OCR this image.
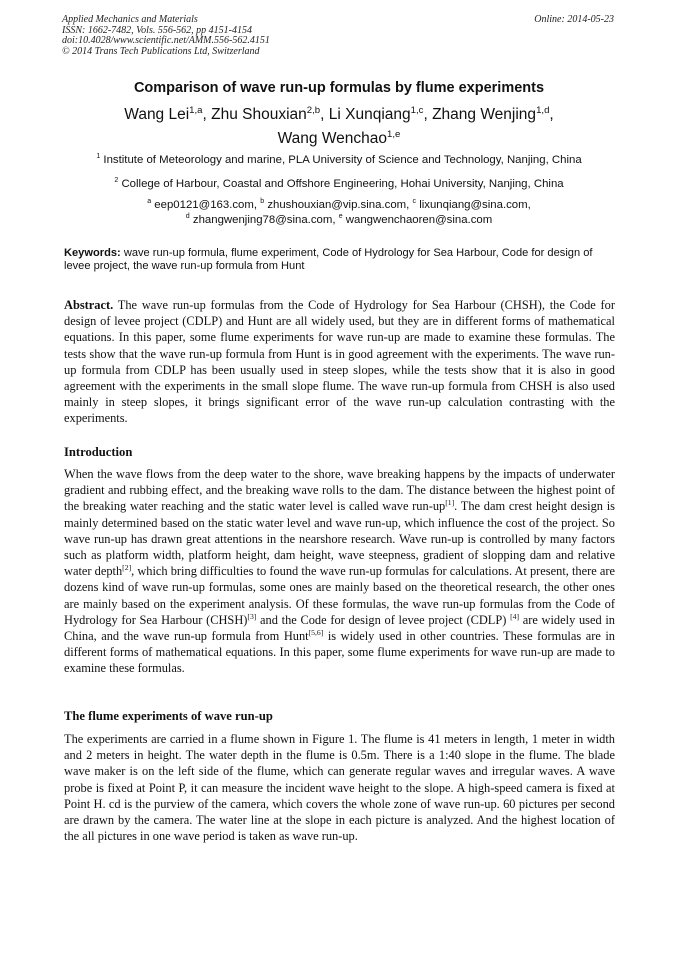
Applied Mechanics and Materials
ISSN: 1662-7482, Vols. 556-562, pp 4151-4154
doi:10.4028/www.scientific.net/AMM.556-562.4151
© 2014 Trans Tech Publications Ltd, Switzerland
Online: 2014-05-23
Comparison of wave run-up formulas by flume experiments
Wang Lei$^{1,a}$, Zhu Shouxian$^{2,b}$, Li Xunqiang$^{1,c}$, Zhang Wenjing$^{1,d}$,
Wang Wenchao$^{1,e}$
$^1$ Institute of Meteorology and marine, PLA University of Science and Technology, Nanjing, China
$^2$ College of Harbour, Coastal and Offshore Engineering, Hohai University, Nanjing, China
$^a$ eep0121@163.com, $^b$ zhushouxian@vip.sina.com, $^c$ lixunqiang@sina.com,
$^d$ zhangwenjing78@sina.com, $^e$ wangwenchaoren@sina.com
Keywords: wave run-up formula, flume experiment, Code of Hydrology for Sea Harbour, Code for design of levee project, the wave run-up formula from Hunt
Abstract. The wave run-up formulas from the Code of Hydrology for Sea Harbour (CHSH), the Code for design of levee project (CDLP) and Hunt are all widely used, but they are in different forms of mathematical equations. In this paper, some flume experiments for wave run-up are made to examine these formulas. The tests show that the wave run-up formula from Hunt is in good agreement with the experiments. The wave run-up formula from CDLP has been usually used in steep slopes, while the tests show that it is also in good agreement with the experiments in the small slope flume. The wave run-up formula from CHSH is also used mainly in steep slopes, it brings significant error of the wave run-up calculation contrasting with the experiments.
Introduction
When the wave flows from the deep water to the shore, wave breaking happens by the impacts of underwater gradient and rubbing effect, and the breaking wave rolls to the dam. The distance between the highest point of the breaking water reaching and the static water level is called wave run-up[1]. The dam crest height design is mainly determined based on the static water level and wave run-up, which influence the cost of the project. So wave run-up has drawn great attentions in the nearshore research. Wave run-up is controlled by many factors such as platform width, platform height, dam height, wave steepness, gradient of slopping dam and relative water depth[2], which bring difficulties to found the wave run-up formulas for calculations. At present, there are dozens kind of wave run-up formulas, some ones are mainly based on the theoretical research, the other ones are mainly based on the experiment analysis. Of these formulas, the wave run-up formulas from the Code of Hydrology for Sea Harbour (CHSH)[3] and the Code for design of levee project (CDLP) [4] are widely used in China, and the wave run-up formula from Hunt[5,6] is widely used in other countries. These formulas are in different forms of mathematical equations. In this paper, some flume experiments for wave run-up are made to examine these formulas.
The flume experiments of wave run-up
The experiments are carried in a flume shown in Figure 1. The flume is 41 meters in length, 1 meter in width and 2 meters in height. The water depth in the flume is 0.5m. There is a 1:40 slope in the flume. The blade wave maker is on the left side of the flume, which can generate regular waves and irregular waves. A wave probe is fixed at Point P, it can measure the incident wave height to the slope. A high-speed camera is fixed at Point H. cd is the purview of the camera, which covers the whole zone of wave run-up. 60 pictures per second are drawn by the camera. The water line at the slope in each picture is analyzed. And the highest location of the all pictures in one wave period is taken as wave run-up.
